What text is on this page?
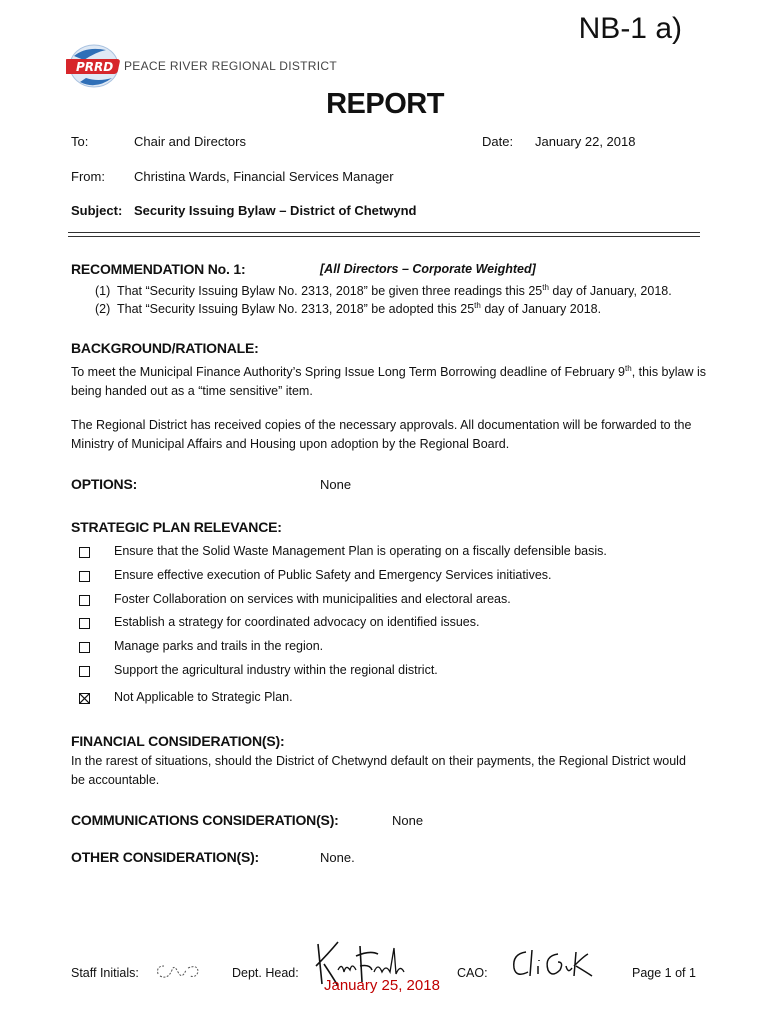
NB-1 a)
PRRD PEACE RIVER REGIONAL DISTRICT
REPORT
To:	Chair and Directors	Date: January 22, 2018
From: Christina Wards, Financial Services Manager
Subject: Security Issuing Bylaw – District of Chetwynd
RECOMMENDATION No. 1:	[All Directors – Corporate Weighted]
(1) That “Security Issuing Bylaw No. 2313, 2018” be given three readings this 25th day of January, 2018.
(2) That “Security Issuing Bylaw No. 2313, 2018” be adopted this 25th day of January 2018.
BACKGROUND/RATIONALE:
To meet the Municipal Finance Authority’s Spring Issue Long Term Borrowing deadline of February 9th, this bylaw is being handed out as a “time sensitive” item.
The Regional District has received copies of the necessary approvals. All documentation will be forwarded to the Ministry of Municipal Affairs and Housing upon adoption by the Regional Board.
OPTIONS:	None
STRATEGIC PLAN RELEVANCE:
Ensure that the Solid Waste Management Plan is operating on a fiscally defensible basis.
Ensure effective execution of Public Safety and Emergency Services initiatives.
Foster Collaboration on services with municipalities and electoral areas.
Establish a strategy for coordinated advocacy on identified issues.
Manage parks and trails in the region.
Support the agricultural industry within the regional district.
Not Applicable to Strategic Plan.
FINANCIAL CONSIDERATION(S):
In the rarest of situations, should the District of Chetwynd default on their payments, the Regional District would be accountable.
COMMUNICATIONS CONSIDERATION(S):	None
OTHER CONSIDERATION(S):	None.
Staff Initials:	Dept. Head:
January 25, 2018
CAO:	Page 1 of 1
